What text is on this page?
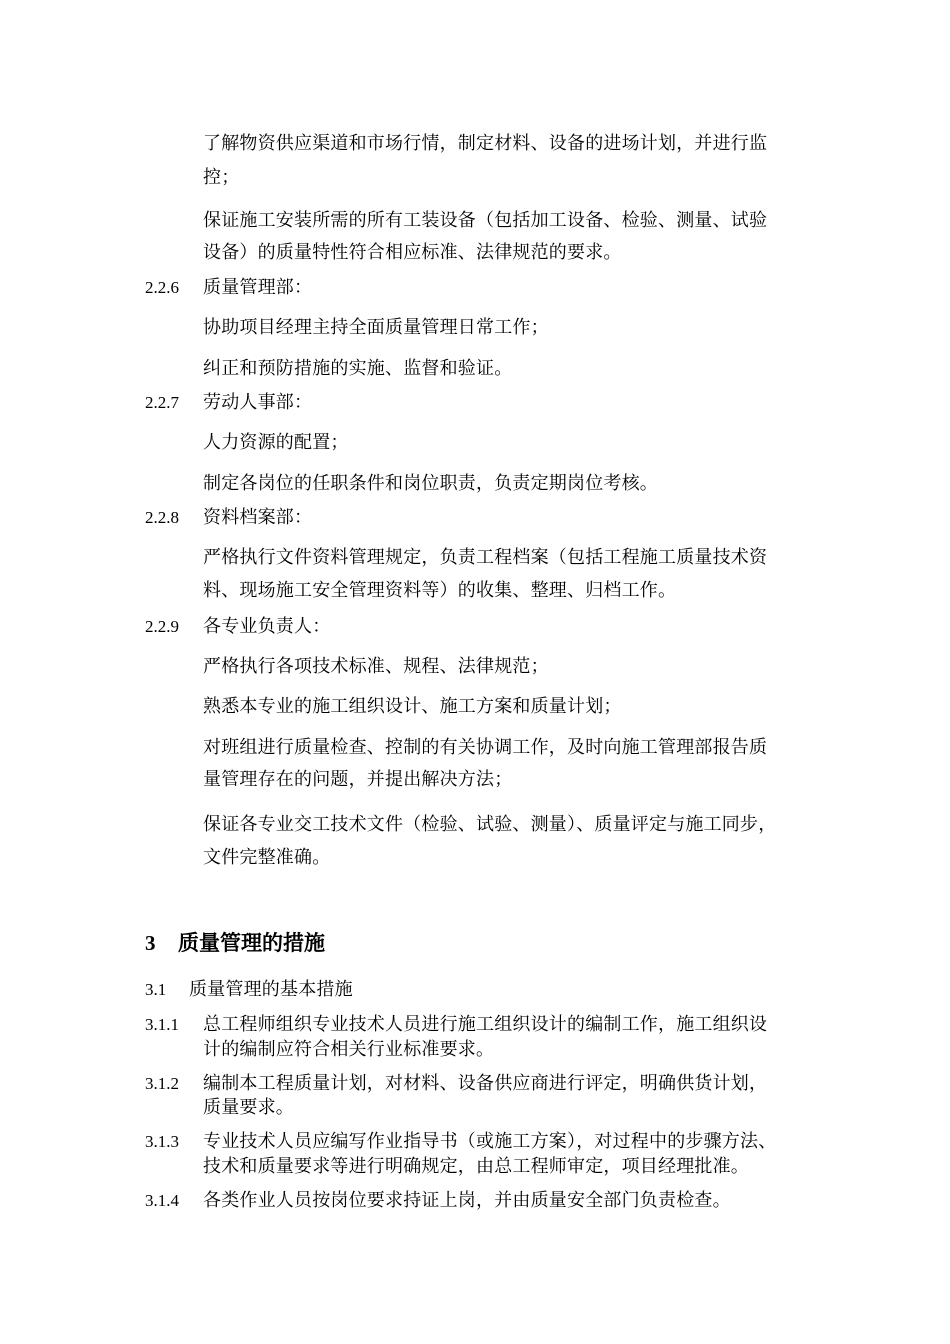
了解物资供应渠道和市场行情，制定材料、设备的进场计划，并进行监
控；
保证施工安装所需的所有工装设备（包括加工设备、检验、测量、试验
设备）的质量特性符合相应标准、法律规范的要求。
2.2.6 质量管理部：
协助项目经理主持全面质量管理日常工作；
纠正和预防措施的实施、监督和验证。
2.2.7 劳动人事部：
人力资源的配置；
制定各岗位的任职条件和岗位职责，负责定期岗位考核。
2.2.8 资料档案部：
严格执行文件资料管理规定，负责工程档案（包括工程施工质量技术资
料、现场施工安全管理资料等）的收集、整理、归档工作。
2.2.9 各专业负责人：
严格执行各项技术标准、规程、法律规范；
熟悉本专业的施工组织设计、施工方案和质量计划；
对班组进行质量检查、控制的有关协调工作，及时向施工管理部报告质
量管理存在的问题，并提出解决方法；
保证各专业交工技术文件（检验、试验、测量）、质量评定与施工同步，
文件完整准确。
3 质量管理的措施
3.1 质量管理的基本措施
3.1.1 总工程师组织专业技术人员进行施工组织设计的编制工作，施工组织设
计的编制应符合相关行业标准要求。
3.1.2 编制本工程质量计划，对材料、设备供应商进行评定，明确供货计划，
质量要求。
3.1.3 专业技术人员应编写作业指导书（或施工方案），对过程中的步骤方法、
技术和质量要求等进行明确规定，由总工程师审定，项目经理批准。
3.1.4 各类作业人员按岗位要求持证上岗，并由质量安全部门负责检查。
